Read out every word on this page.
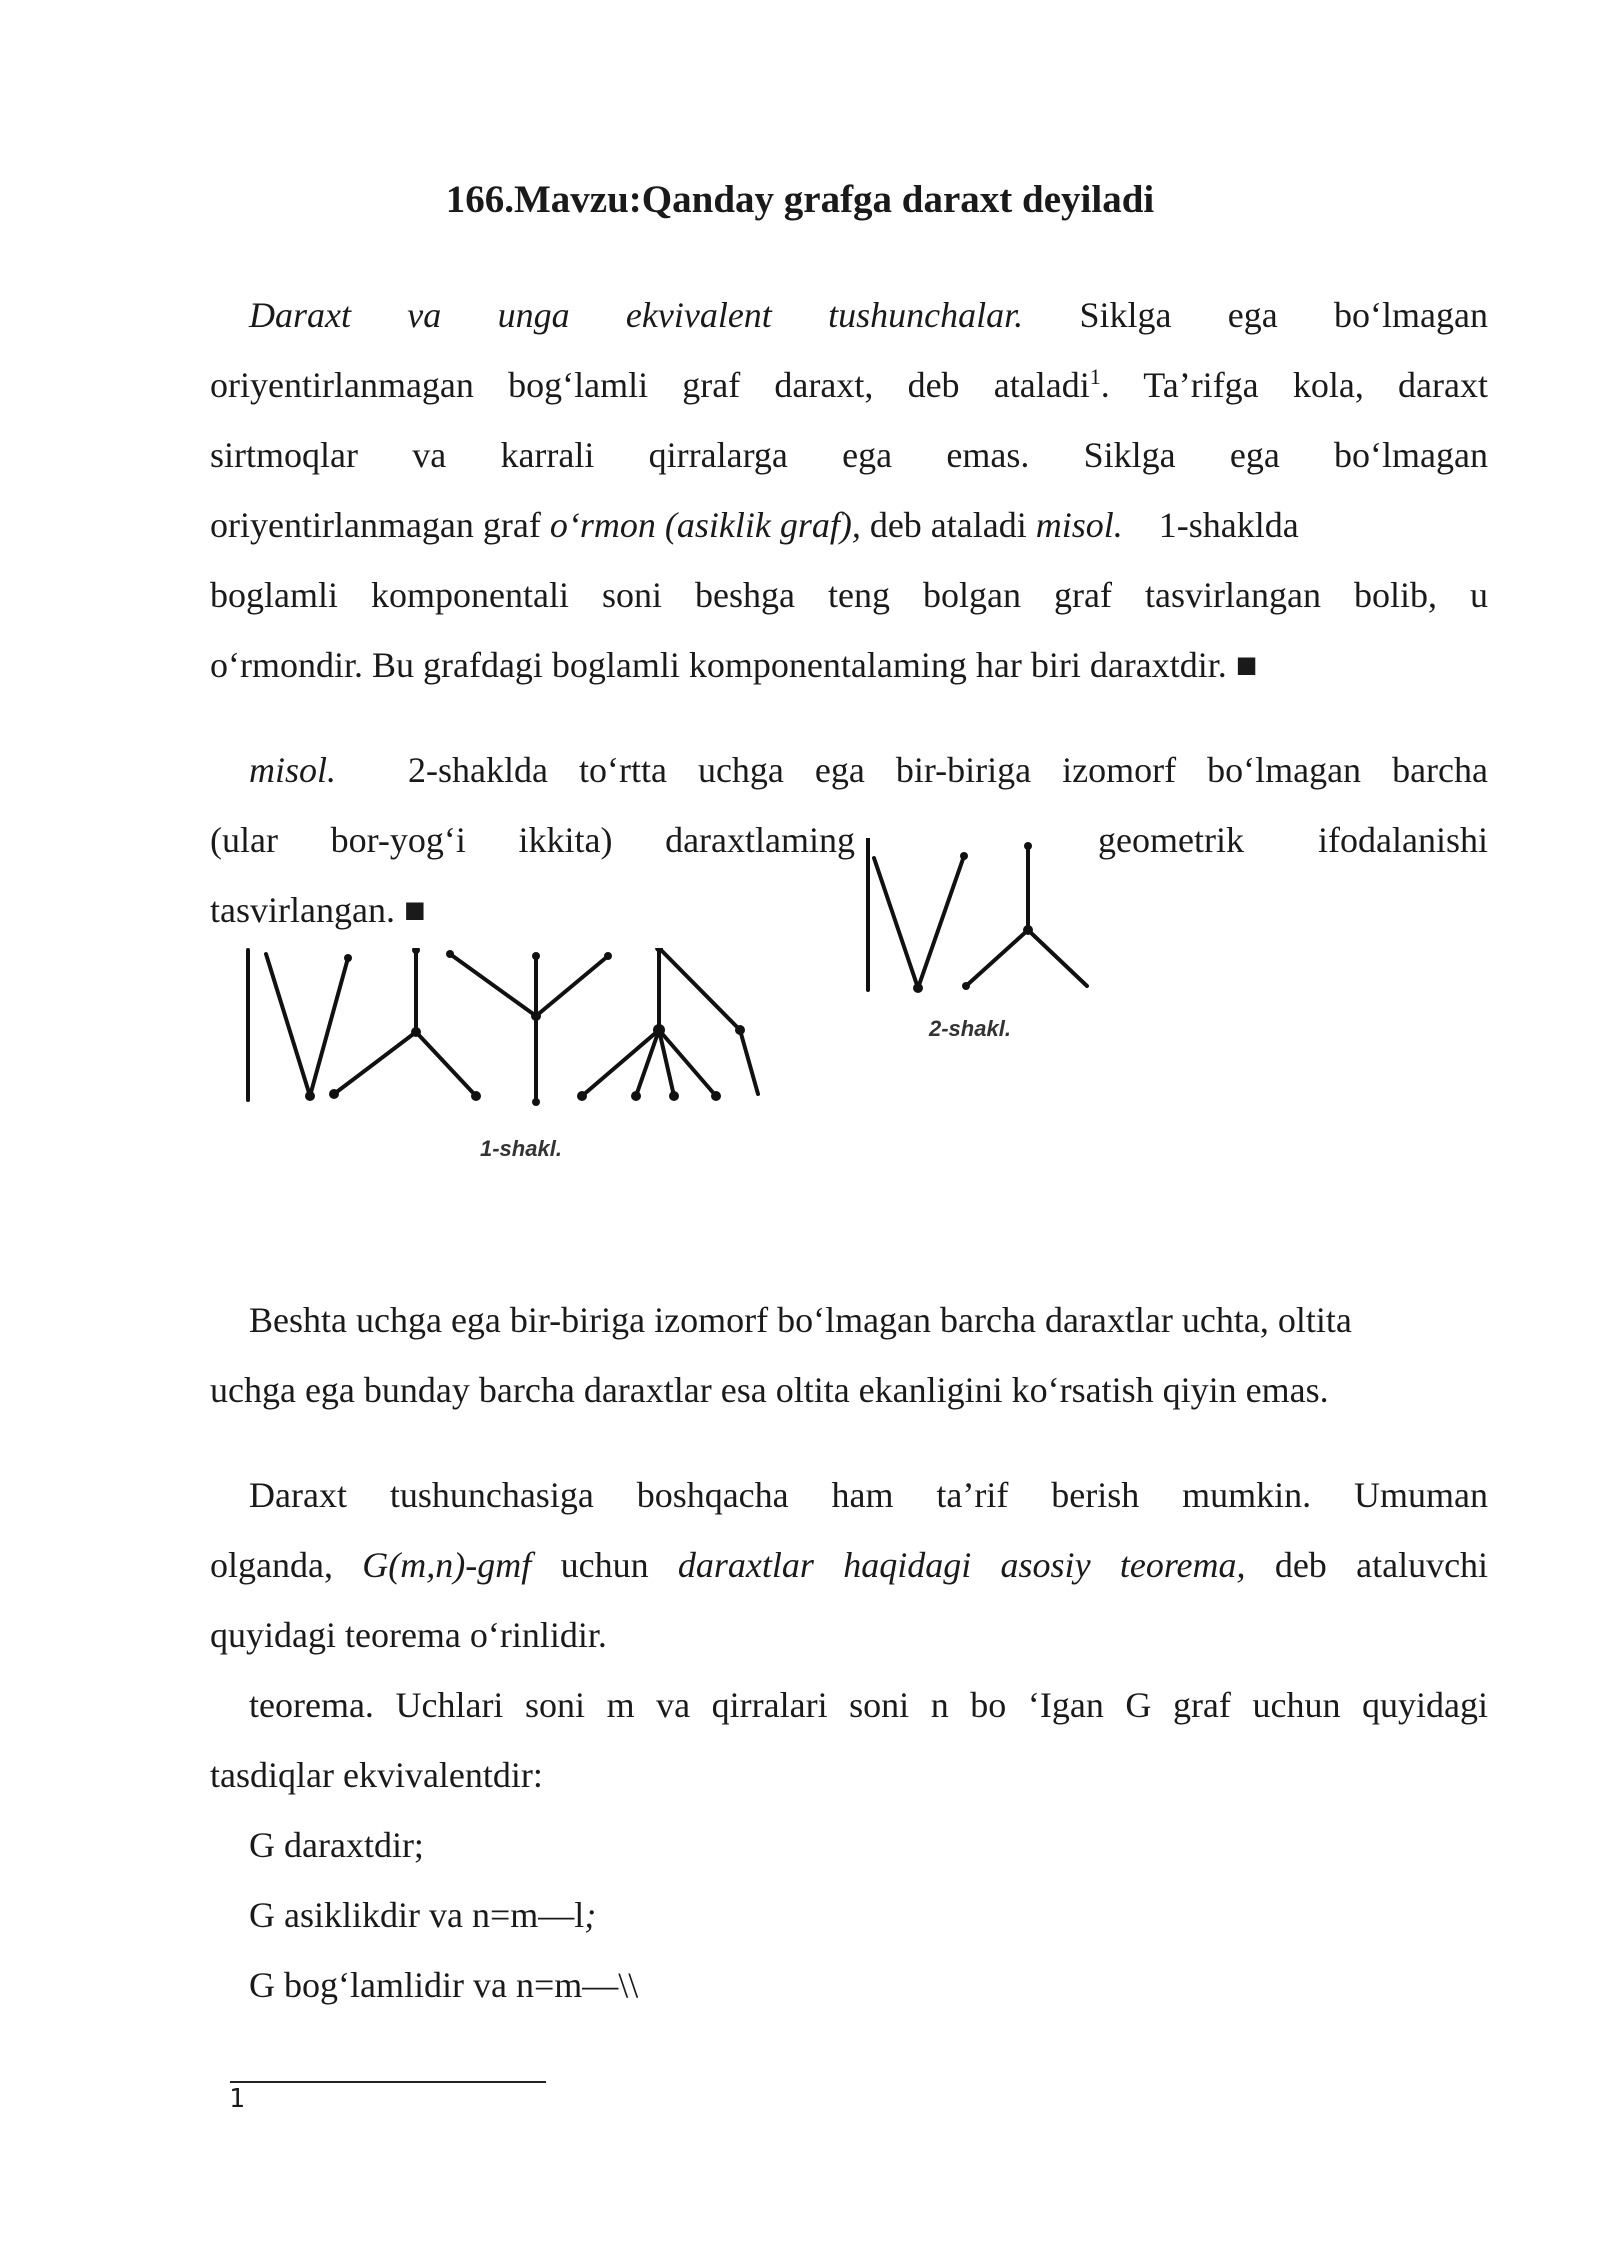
166.Mavzu:Qanday grafga daraxt deyiladi
Daraxt va unga ekvivalent tushunchalar. Siklga ega bo‘lmagan
oriyentirlanmagan bog‘lamli graf daraxt, deb ataladi$^1$. Ta’rifga kola, daraxt
sirtmoqlar va karrali qirralarga ega emas. Siklga ega bo‘lmagan
oriyentirlanmagan graf o‘rmon (asiklik graf), deb ataladi misol. 1-shaklda
boglamli komponentali soni beshga teng bolgan graf tasvirlangan bolib, u
o‘rmondir. Bu grafdagi boglamli komponentalaming har biri daraxtdir. ■
misol. 2-shaklda to‘rtta uchga ega bir-biriga izomorf bo‘lmagan barcha
(ular bor-yog‘i ikkita) daraxtlaming	geometrik ifodalanishi
tasvirlangan. ■
2-shakl.
1-shakl.
Beshta uchga ega bir-biriga izomorf bo‘lmagan barcha daraxtlar uchta, oltita
uchga ega bunday barcha daraxtlar esa oltita ekanligini ko‘rsatish qiyin emas.
Daraxt tushunchasiga boshqacha ham ta’rif berish mumkin. Umuman
olganda, G(m,n)-gmf uchun daraxtlar haqidagi asosiy teorema, deb ataluvchi
quyidagi teorema o‘rinlidir.
teorema. Uchlari soni m va qirralari soni n bo ‘Igan G graf uchun quyidagi
tasdiqlar ekvivalentdir:
G daraxtdir;
G asiklikdir va n=m—l;
G bog‘lamlidir va n=m—\\
1
